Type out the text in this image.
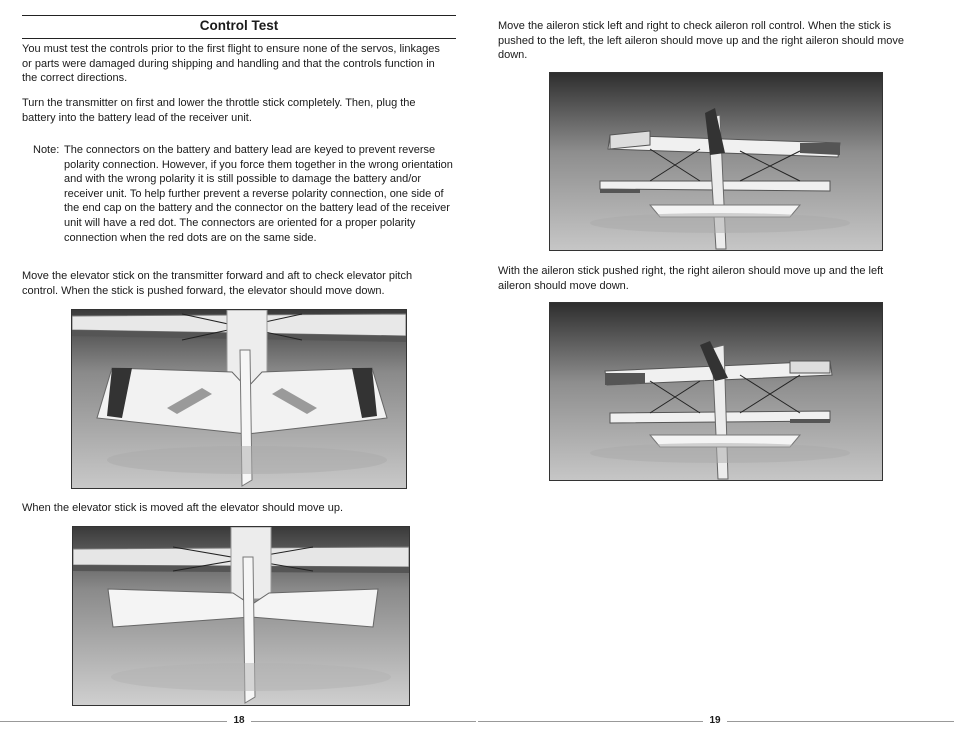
Control Test

You must test the controls prior to the first flight to ensure none of the servos, linkages or parts were damaged during shipping and handling and that the controls function in the correct directions.

Turn the transmitter on first and lower the throttle stick completely. Then, plug the battery into the battery lead of the receiver unit.

Note: The connectors on the battery and battery lead are keyed to prevent reverse polarity connection. However, if you force them together in the wrong orientation and with the wrong polarity it is still possible to damage the battery and/or receiver unit. To help further prevent a reverse polarity connection, one side of the end cap on the battery and the connector on the battery lead of the receiver unit will have a red dot. The connectors are oriented for a proper polarity connection when the red dots are on the same side.

Move the elevator stick on the transmitter forward and aft to check elevator pitch control. When the stick is pushed forward, the elevator should move down.

When the elevator stick is moved aft the elevator should move up.

18

Move the aileron stick left and right to check aileron roll control. When the stick is pushed to the left, the left aileron should move up and the right aileron should move down.

With the aileron stick pushed right, the right aileron should move up and the left aileron should move down.

19
